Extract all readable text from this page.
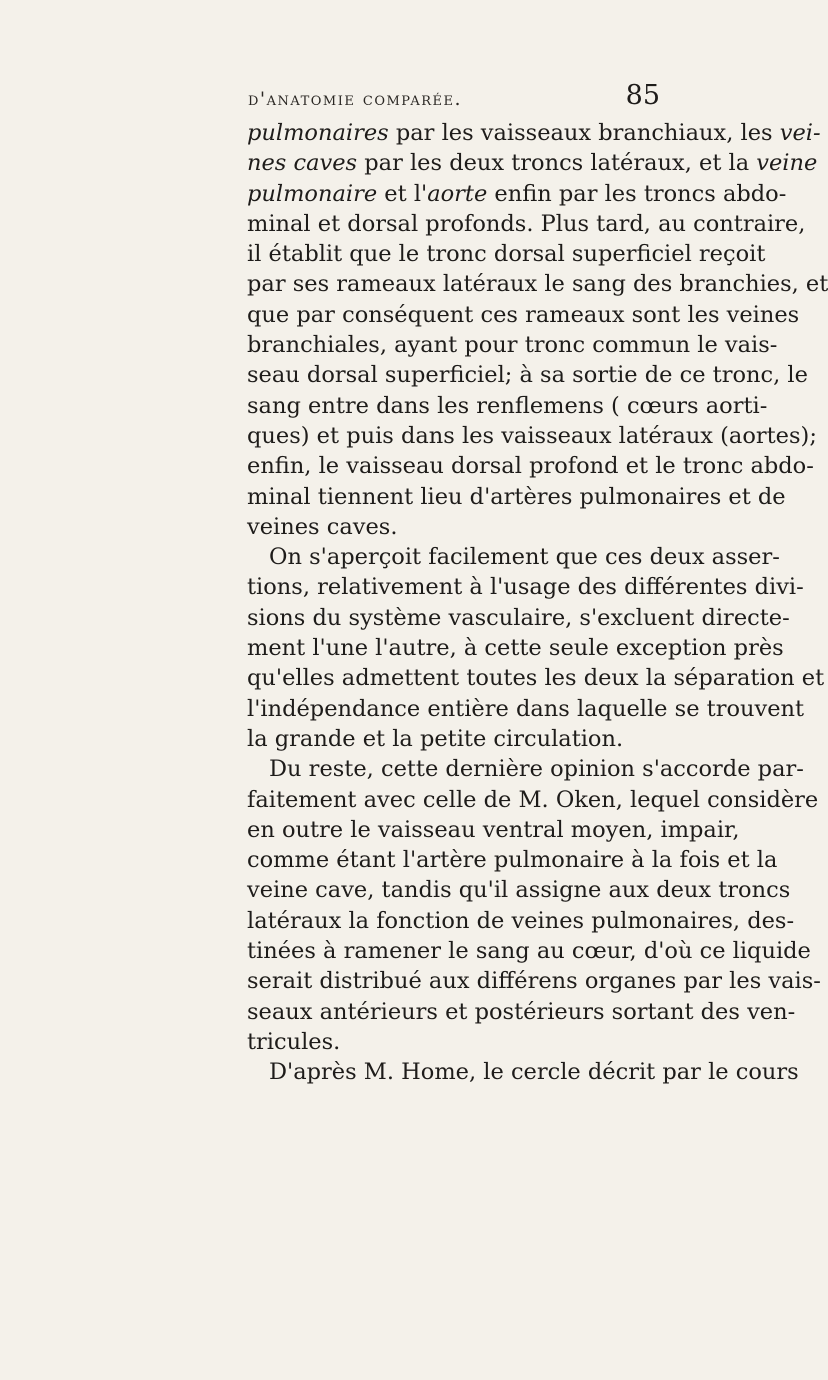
d'anatomie comparée.	85
pulmonaires par les vaisseaux branchiaux, les vei-
nes caves par les deux troncs latéraux, et la veine
pulmonaire et l'aorte enfin par les troncs abdo-
minal et dorsal profonds. Plus tard, au contraire,
il établit que le tronc dorsal superficiel reçoit
par ses rameaux latéraux le sang des branchies, et
que par conséquent ces rameaux sont les veines
branchiales, ayant pour tronc commun le vais-
seau dorsal superficiel; à sa sortie de ce tronc, le
sang entre dans les renflemens ( cœurs aorti-
ques) et puis dans les vaisseaux latéraux (aortes);
enfin, le vaisseau dorsal profond et le tronc abdo-
minal tiennent lieu d'artères pulmonaires et de
veines caves.
On s'aperçoit facilement que ces deux asser-
tions, relativement à l'usage des différentes divi-
sions du système vasculaire, s'excluent directe-
ment l'une l'autre, à cette seule exception près
qu'elles admettent toutes les deux la séparation et
l'indépendance entière dans laquelle se trouvent
la grande et la petite circulation.
Du reste, cette dernière opinion s'accorde par-
faitement avec celle de M. Oken, lequel considère
en outre le vaisseau ventral moyen, impair,
comme étant l'artère pulmonaire à la fois et la
veine cave, tandis qu'il assigne aux deux troncs
latéraux la fonction de veines pulmonaires, des-
tinées à ramener le sang au cœur, d'où ce liquide
serait distribué aux différens organes par les vais-
seaux antérieurs et postérieurs sortant des ven-
tricules.
D'après M. Home, le cercle décrit par le cours
